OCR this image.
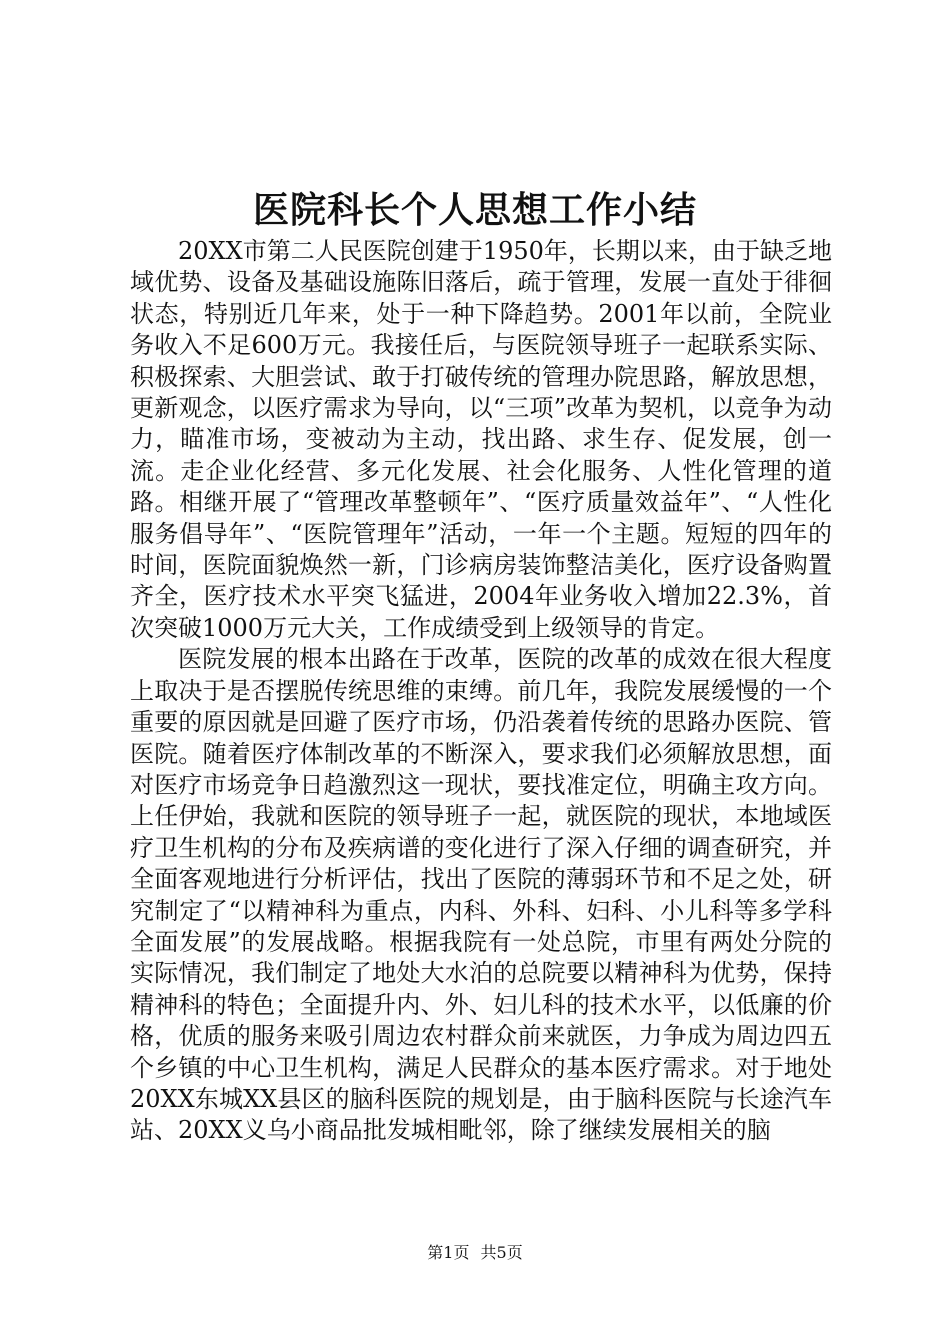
医院科长个人思想工作小结

20XX市第二人民医院创建于1950年，长期以来，由于缺乏地域优势、设备及基础设施陈旧落后，疏于管理，发展一直处于徘徊状态，特别近几年来，处于一种下降趋势。2001年以前，全院业务收入不足600万元。我接任后，与医院领导班子一起联系实际、积极探索、大胆尝试、敢于打破传统的管理办院思路，解放思想，更新观念，以医疗需求为导向，以“三项”改革为契机，以竞争为动力，瞄准市场，变被动为主动，找出路、求生存、促发展，创一流。走企业化经营、多元化发展、社会化服务、人性化管理的道路。相继开展了“管理改革整顿年”、“医疗质量效益年”、“人性化服务倡导年”、“医院管理年”活动，一年一个主题。短短的四年的时间，医院面貌焕然一新，门诊病房装饰整洁美化，医疗设备购置齐全，医疗技术水平突飞猛进，2004年业务收入增加22.3%，首次突破1000万元大关，工作成绩受到上级领导的肯定。

医院发展的根本出路在于改革，医院的改革的成效在很大程度上取决于是否摆脱传统思维的束缚。前几年，我院发展缓慢的一个重要的原因就是回避了医疗市场，仍沿袭着传统的思路办医院、管医院。随着医疗体制改革的不断深入，要求我们必须解放思想，面对医疗市场竞争日趋激烈这一现状，要找准定位，明确主攻方向。上任伊始，我就和医院的领导班子一起，就医院的现状，本地域医疗卫生机构的分布及疾病谱的变化进行了深入仔细的调查研究，并全面客观地进行分析评估，找出了医院的薄弱环节和不足之处，研究制定了“以精神科为重点，内科、外科、妇科、小儿科等多学科全面发展”的发展战略。根据我院有一处总院，市里有两处分院的实际情况，我们制定了地处大水泊的总院要以精神科为优势，保持精神科的特色；全面提升内、外、妇儿科的技术水平，以低廉的价格，优质的服务来吸引周边农村群众前来就医，力争成为周边四五个乡镇的中心卫生机构，满足人民群众的基本医疗需求。对于地处20XX东城XX县区的脑科医院的规划是，由于脑科医院与长途汽车站、20XX义乌小商品批发城相毗邻，除了继续发展相关的脑

第1页 共5页
